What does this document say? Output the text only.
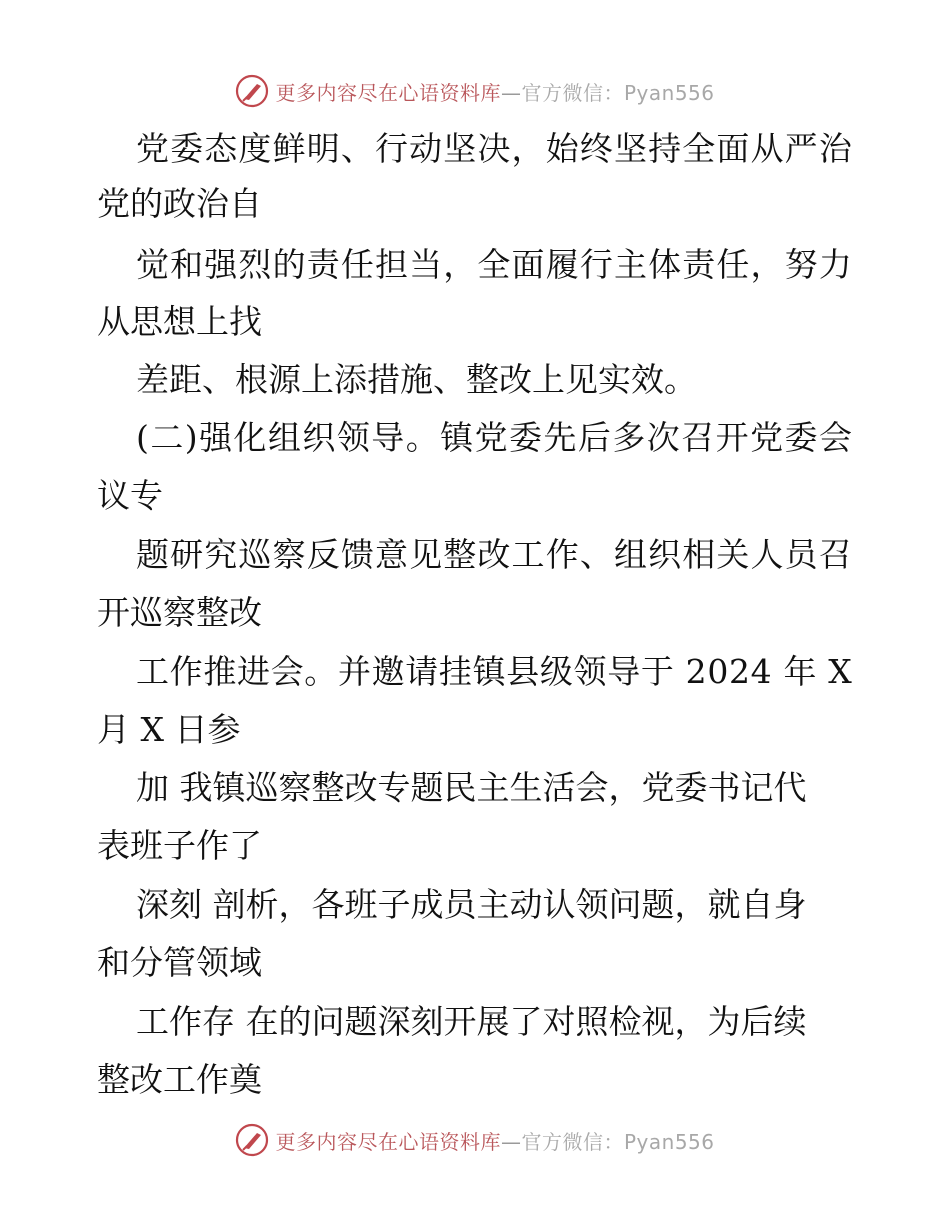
更多内容尽在心语资料库—官方微信：Pyan556
党 委 态 度 鲜 明 、 行 动 坚 决 ， 始 终 坚 持 全 面 从 严 治
党的政治自
觉 和 强 烈 的 责 任 担 当 ， 全 面 履 行 主 体 责 任 ， 努 力
从思想上找
差距、根源上添措施、整改上见实效。
( 二 ) 强 化 组 织 领 导 。 镇 党 委 先 后 多 次 召 开 党 委 会
议专
题 研 究 巡 察 反 馈 意 见 整 改 工 作 、 组 织 相 关 人 员 召
开巡察整改
工 作 推 进 会 。 并 邀 请 挂 镇 县 级 领 导 于
2 0 2 4
年
X
月 X 日参
加 我镇巡察整改专题民主生活会，党委书记代
表班子作了
深刻 剖析，各班子成员主动认领问题，就自身
和分管领域
工作存 在的问题深刻开展了对照检视，为后续
整改工作奠
更多内容尽在心语资料库—官方微信：Pyan556
